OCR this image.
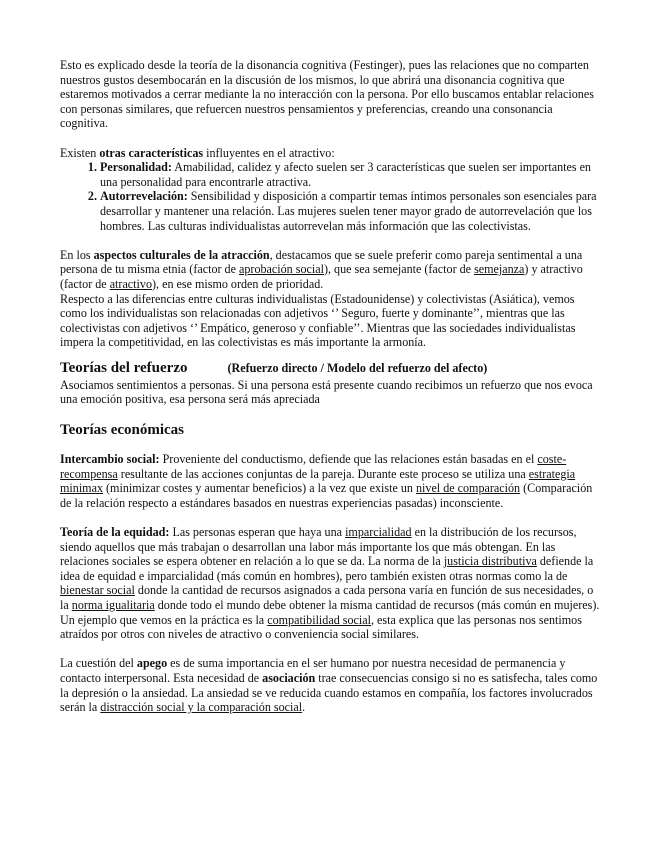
Esto es explicado desde la teoría de la disonancia cognitiva (Festinger), pues las relaciones que no comparten nuestros gustos desembocarán en la discusión de los mismos, lo que abrirá una disonancia cognitiva que estaremos motivados a cerrar mediante la no interacción con la persona. Por ello buscamos entablar relaciones con personas similares, que refuercen nuestros pensamientos y preferencias, creando una consonancia cognitiva.

Existen otras características influyentes en el atractivo:

1. Personalidad: Amabilidad, calidez y afecto suelen ser 3 características que suelen ser importantes en una personalidad para encontrarle atractiva.
2. Autorrevelación: Sensibilidad y disposición a compartir temas íntimos personales son esenciales para desarrollar y mantener una relación. Las mujeres suelen tener mayor grado de autorrevelación que los hombres. Las culturas individualistas autorrevelan más información que las colectivistas.

En los aspectos culturales de la atracción, destacamos que se suele preferir como pareja sentimental a una persona de tu misma etnia (factor de aprobación social), que sea semejante (factor de semejanza) y atractivo (factor de atractivo), en ese mismo orden de prioridad.

Respecto a las diferencias entre culturas individualistas (Estadounidense) y colectivistas (Asiática), vemos como los individualistas son relacionadas con adjetivos ‘’ Seguro, fuerte y dominante’’, mientras que las colectivistas con adjetivos ‘’ Empático, generoso y confiable’’. Mientras que las sociedades individualistas impera la competitividad, en las colectivistas es más importante la armonía.

Teorías del refuerzo	(Refuerzo directo / Modelo del refuerzo del afecto)

Asociamos sentimientos a personas. Si una persona está presente cuando recibimos un refuerzo que nos evoca una emoción positiva, esa persona será más apreciada

Teorías económicas

Intercambio social: Proveniente del conductismo, defiende que las relaciones están basadas en el coste-recompensa resultante de las acciones conjuntas de la pareja. Durante este proceso se utiliza una estrategia minimax (minimizar costes y aumentar beneficios) a la vez que existe un nivel de comparación (Comparación de la relación respecto a estándares basados en nuestras experiencias pasadas) inconsciente.

Teoría de la equidad: Las personas esperan que haya una imparcialidad en la distribución de los recursos, siendo aquellos que más trabajan o desarrollan una labor más importante los que más obtengan. En las relaciones sociales se espera obtener en relación a lo que se da. La norma de la justicia distributiva defiende la idea de equidad e imparcialidad (más común en hombres), pero también existen otras normas como la de bienestar social donde la cantidad de recursos asignados a cada persona varía en función de sus necesidades, o la norma igualitaria donde todo el mundo debe obtener la misma cantidad de recursos (más común en mujeres).

Un ejemplo que vemos en la práctica es la compatibilidad social, esta explica que las personas nos sentimos atraídos por otros con niveles de atractivo o conveniencia social similares.

La cuestión del apego es de suma importancia en el ser humano por nuestra necesidad de permanencia y contacto interpersonal. Esta necesidad de asociación trae consecuencias consigo si no es satisfecha, tales como la depresión o la ansiedad. La ansiedad se ve reducida cuando estamos en compañía, los factores involucrados serán la distracción social y la comparación social.
